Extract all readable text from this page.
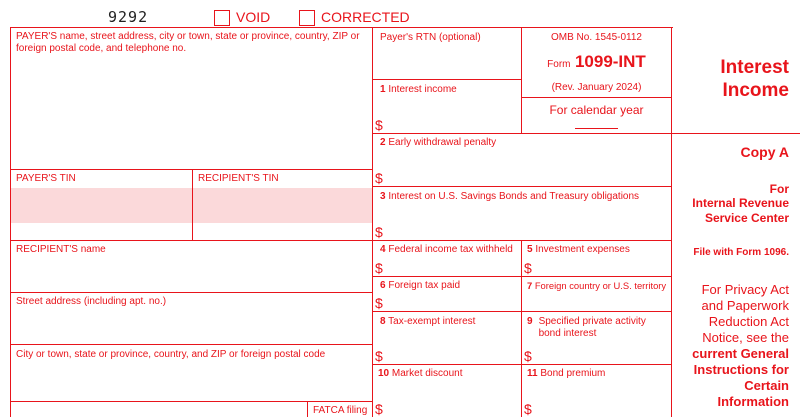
9292	VOID	CORRECTED
PAYER'S name, street address, city or town, state or province, country, ZIP or foreign postal code, and telephone no.
PAYER'S TIN	RECIPIENT'S TIN
RECIPIENT'S name
Street address (including apt. no.)
City or town, state or province, country, and ZIP or foreign postal code
FATCA filing
Payer's RTN (optional)
1 Interest income
$
2 Early withdrawal penalty
$
3 Interest on U.S. Savings Bonds and Treasury obligations
$
4 Federal income tax withheld
$
5 Investment expenses
$
6 Foreign tax paid
$
7 Foreign country or U.S. territory
8 Tax-exempt interest
$
9 Specified private activity bond interest
$
10 Market discount
$
11 Bond premium
$
OMB No. 1545-0112
Form 1099-INT
(Rev. January 2024)
For calendar year
Interest
Income
Copy A
For
Internal Revenue
Service Center
File with Form 1096.
For Privacy Act
and Paperwork
Reduction Act
Notice, see the
current General
Instructions for
Certain
Information
